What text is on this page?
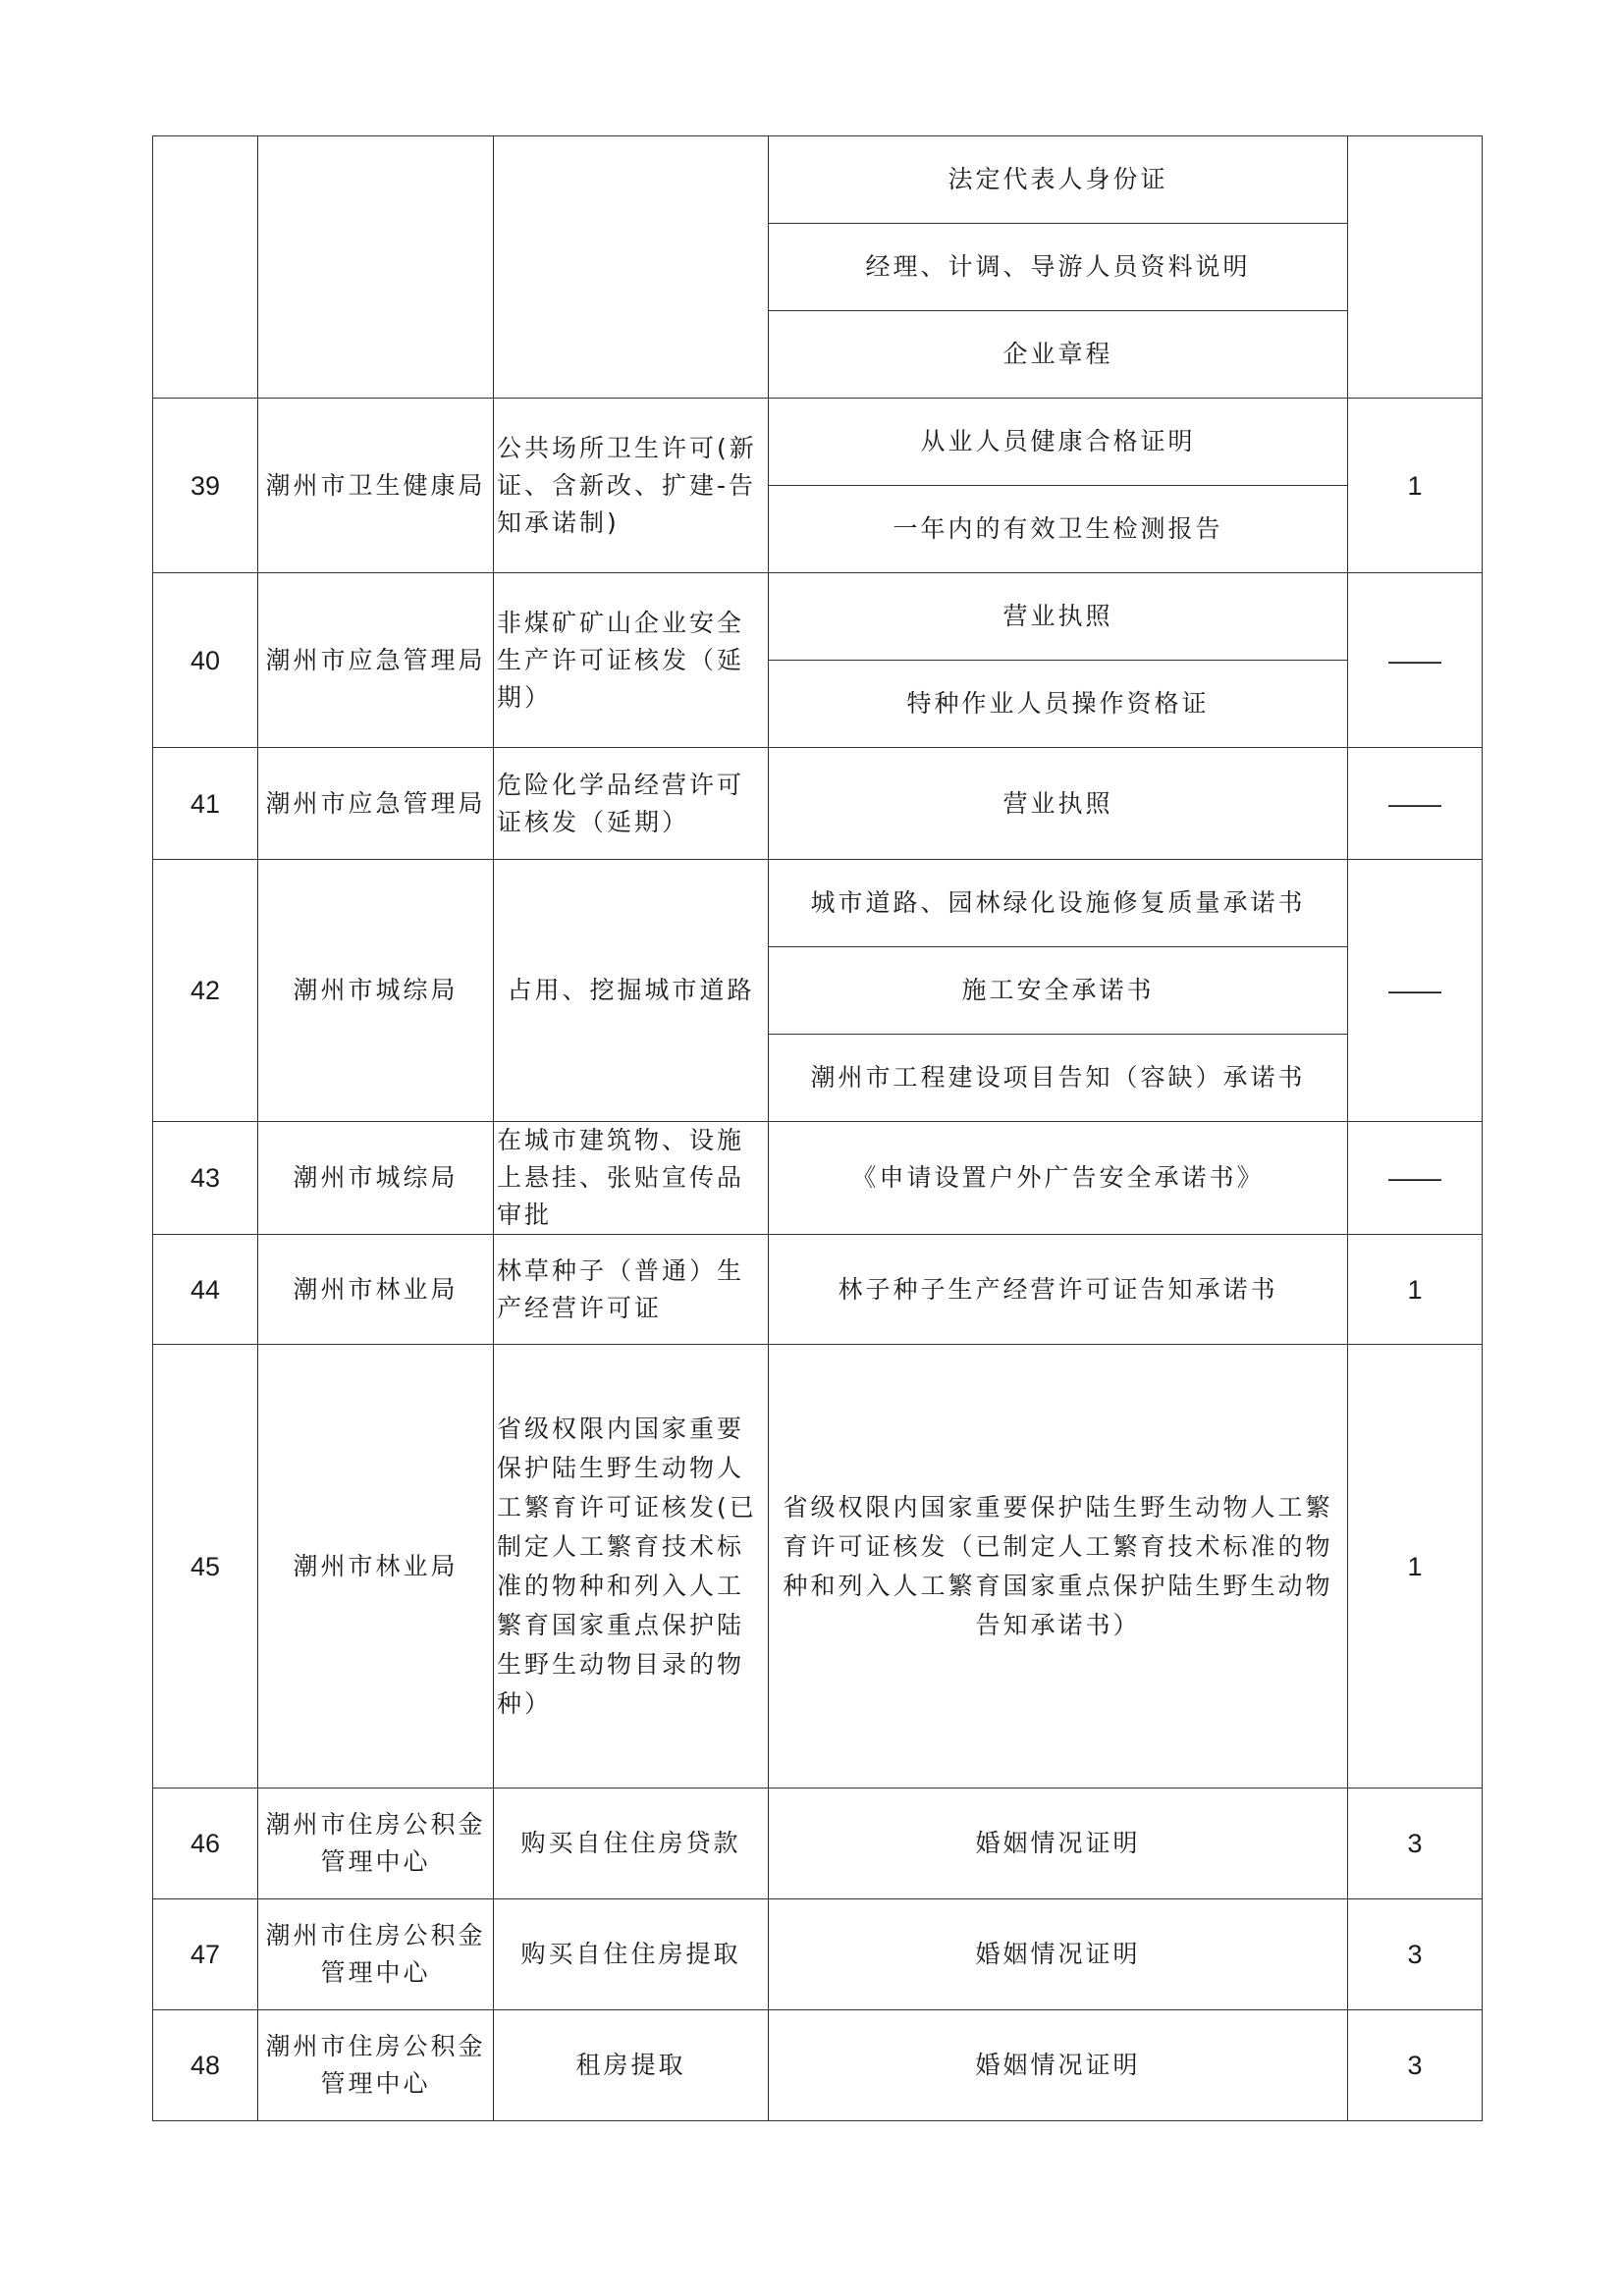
			法定代表人身份证	
			经理、计调、导游人员资料说明	
			企业章程	
39	潮州市卫生健康局	公共场所卫生许可(新证、含新改、扩建-告知承诺制)	从业人员健康合格证明	1
			一年内的有效卫生检测报告	
40	潮州市应急管理局	非煤矿矿山企业安全生产许可证核发（延期）	营业执照	——
			特种作业人员操作资格证	
41	潮州市应急管理局	危险化学品经营许可证核发（延期）	营业执照	——
42	潮州市城综局	占用、挖掘城市道路	城市道路、园林绿化设施修复质量承诺书	——
			施工安全承诺书	
			潮州市工程建设项目告知（容缺）承诺书	
43	潮州市城综局	在城市建筑物、设施上悬挂、张贴宣传品审批	《申请设置户外广告安全承诺书》	——
44	潮州市林业局	林草种子（普通）生产经营许可证	林子种子生产经营许可证告知承诺书	1
45	潮州市林业局	省级权限内国家重要保护陆生野生动物人工繁育许可证核发(已制定人工繁育技术标准的物种和列入人工繁育国家重点保护陆生野生动物目录的物种）	省级权限内国家重要保护陆生野生动物人工繁育许可证核发（已制定人工繁育技术标准的物种和列入人工繁育国家重点保护陆生野生动物告知承诺书）	1
46	潮州市住房公积金管理中心	购买自住住房贷款	婚姻情况证明	3
47	潮州市住房公积金管理中心	购买自住住房提取	婚姻情况证明	3
48	潮州市住房公积金管理中心	租房提取	婚姻情况证明	3
